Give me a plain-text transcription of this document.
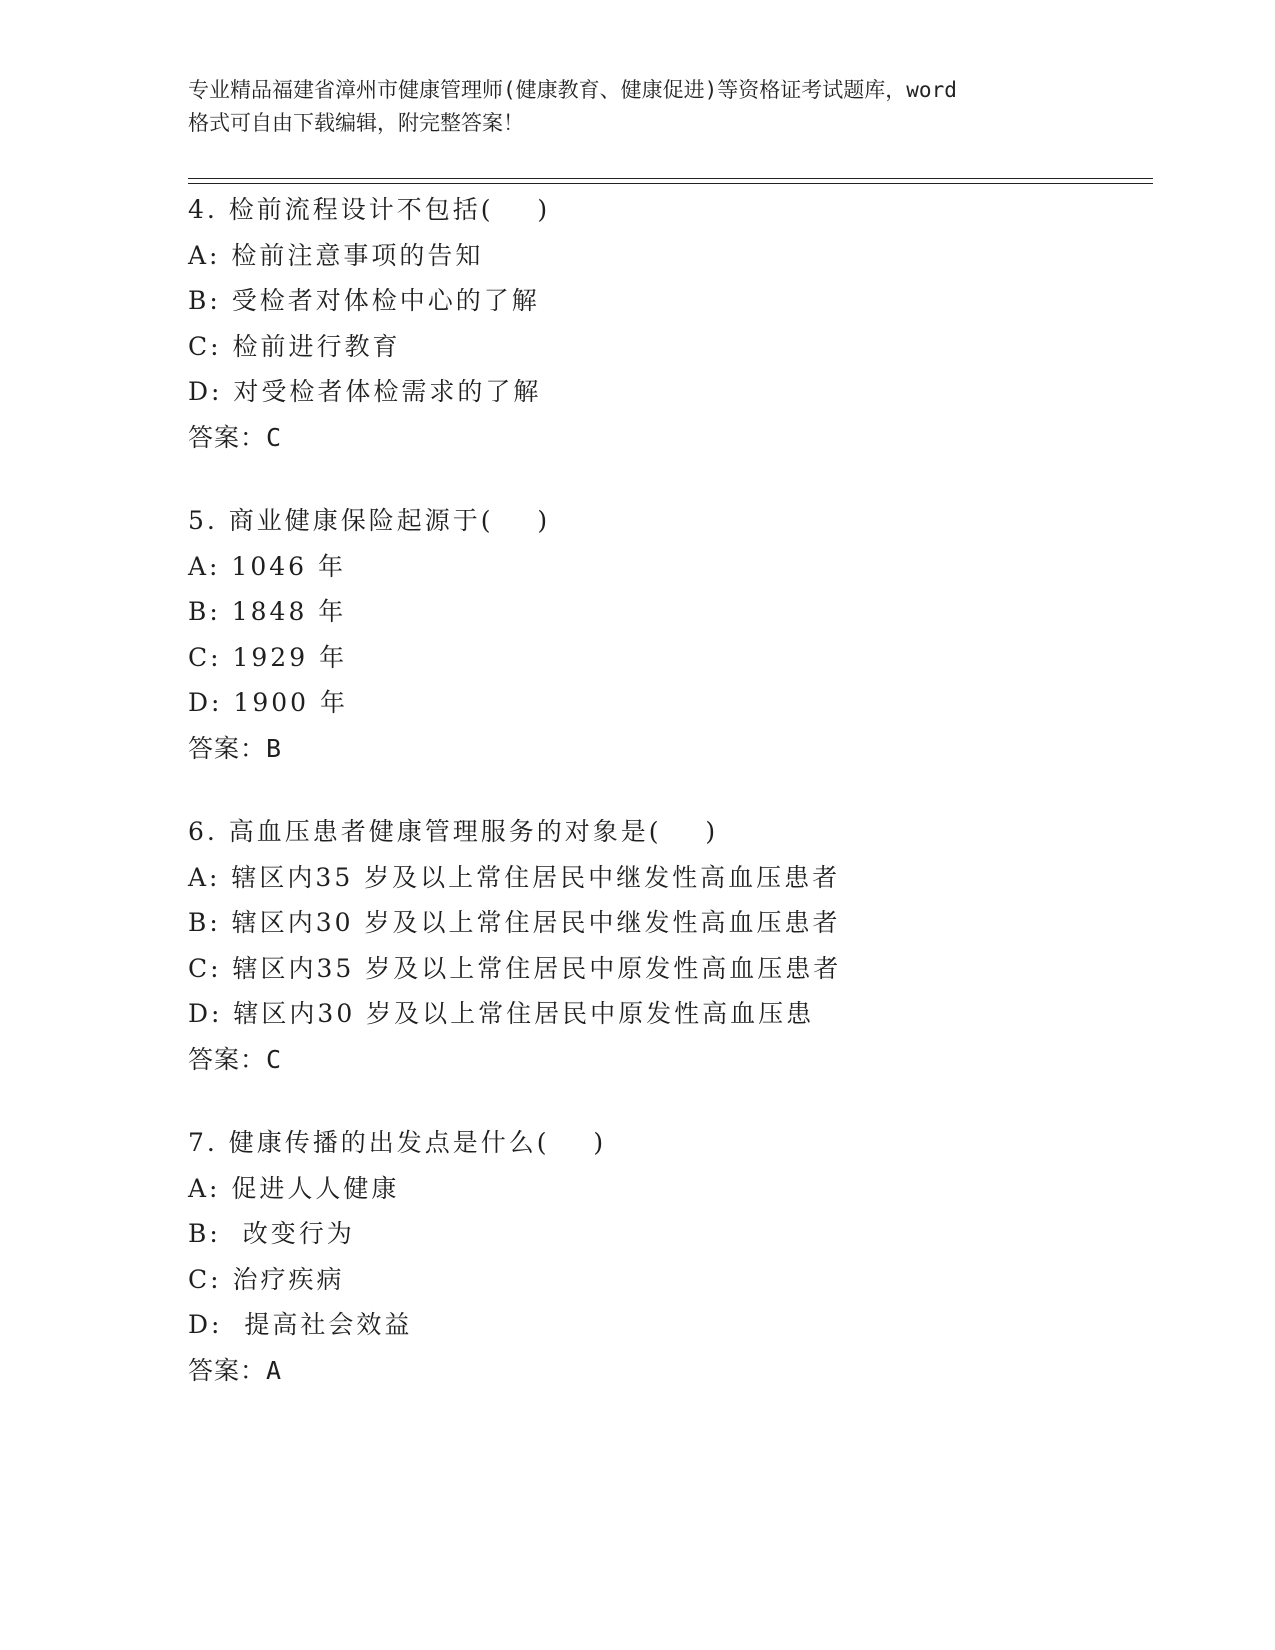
专业精品福建省漳州市健康管理师(健康教育、健康促进)等资格证考试题库，word
格式可自由下载编辑，附完整答案！
4. 检前流程设计不包括(    )
A: 检前注意事项的告知
B: 受检者对体检中心的了解
C: 检前进行教育
D: 对受检者体检需求的了解
答案：C
5. 商业健康保险起源于(    )
A: 1046 年
B: 1848 年
C: 1929 年
D: 1900 年
答案：B
6. 高血压患者健康管理服务的对象是(    )
A: 辖区内35 岁及以上常住居民中继发性高血压患者
B: 辖区内30 岁及以上常住居民中继发性高血压患者
C: 辖区内35 岁及以上常住居民中原发性高血压患者
D: 辖区内30 岁及以上常住居民中原发性高血压患
答案：C
7. 健康传播的出发点是什么(    )
A: 促进人人健康
B:  改变行为
C: 治疗疾病
D:  提高社会效益
答案：A
